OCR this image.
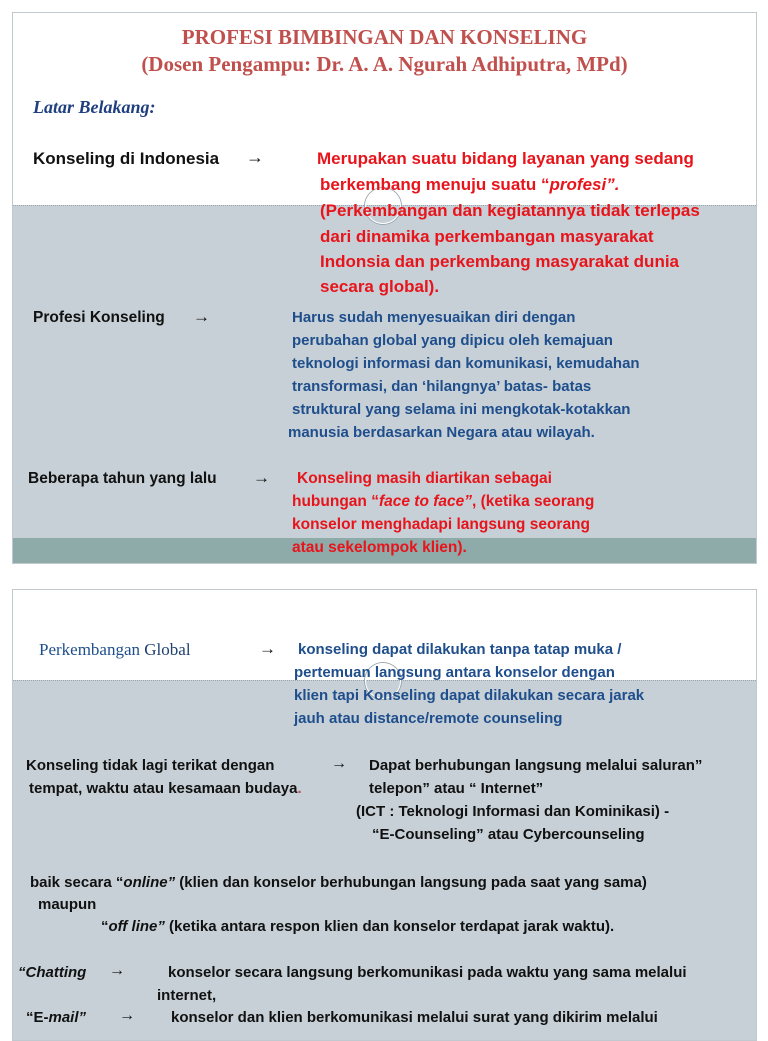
PROFESI BIMBINGAN DAN KONSELING

(Dosen Pengampu: Dr. A. A. Ngurah Adhiputra, MPd)

Latar Belakang:

Konseling di Indonesia →	Merupakan suatu bidang layanan yang sedang

berkembang menuju suatu “profesi”.

(Perkembangan dan kegiatannya tidak terlepas

dari dinamika perkembangan masyarakat

Indonsia dan perkembang masyarakat dunia

secara global).

Profesi Konseling →	Harus sudah menyesuaikan diri dengan

perubahan global yang dipicu oleh kemajuan

teknologi informasi dan komunikasi, kemudahan

transformasi, dan ‘hilangnya’ batas- batas

struktural yang selama ini mengkotak-kotakkan

manusia berdasarkan Negara atau wilayah.

Beberapa tahun yang lalu → Konseling masih diartikan sebagai

hubungan “face to face”, (ketika seorang

konselor menghadapi langsung seorang

atau sekelompok klien).

Perkembangan Global	→ konseling dapat dilakukan tanpa tatap muka /

pertemuan langsung antara konselor dengan

klien tapi Konseling dapat dilakukan secara jarak

jauh atau distance/remote counseling

Konseling tidak lagi terikat dengan	→ Dapat berhubungan langsung melalui saluran”

tempat, waktu atau kesamaan budaya.	telepon” atau “ Internet”

(ICT : Teknologi Informasi dan Kominikasi) -

“E-Counseling” atau Cybercounseling

baik secara “online” (klien dan konselor berhubungan langsung pada saat yang sama)

maupun

“off line” (ketika antara respon klien dan konselor terdapat jarak waktu).

“Chatting →	konselor secara langsung berkomunikasi pada waktu yang sama melalui

internet,

“E-mail” → konselor dan klien berkomunikasi melalui surat yang dikirim melalui
